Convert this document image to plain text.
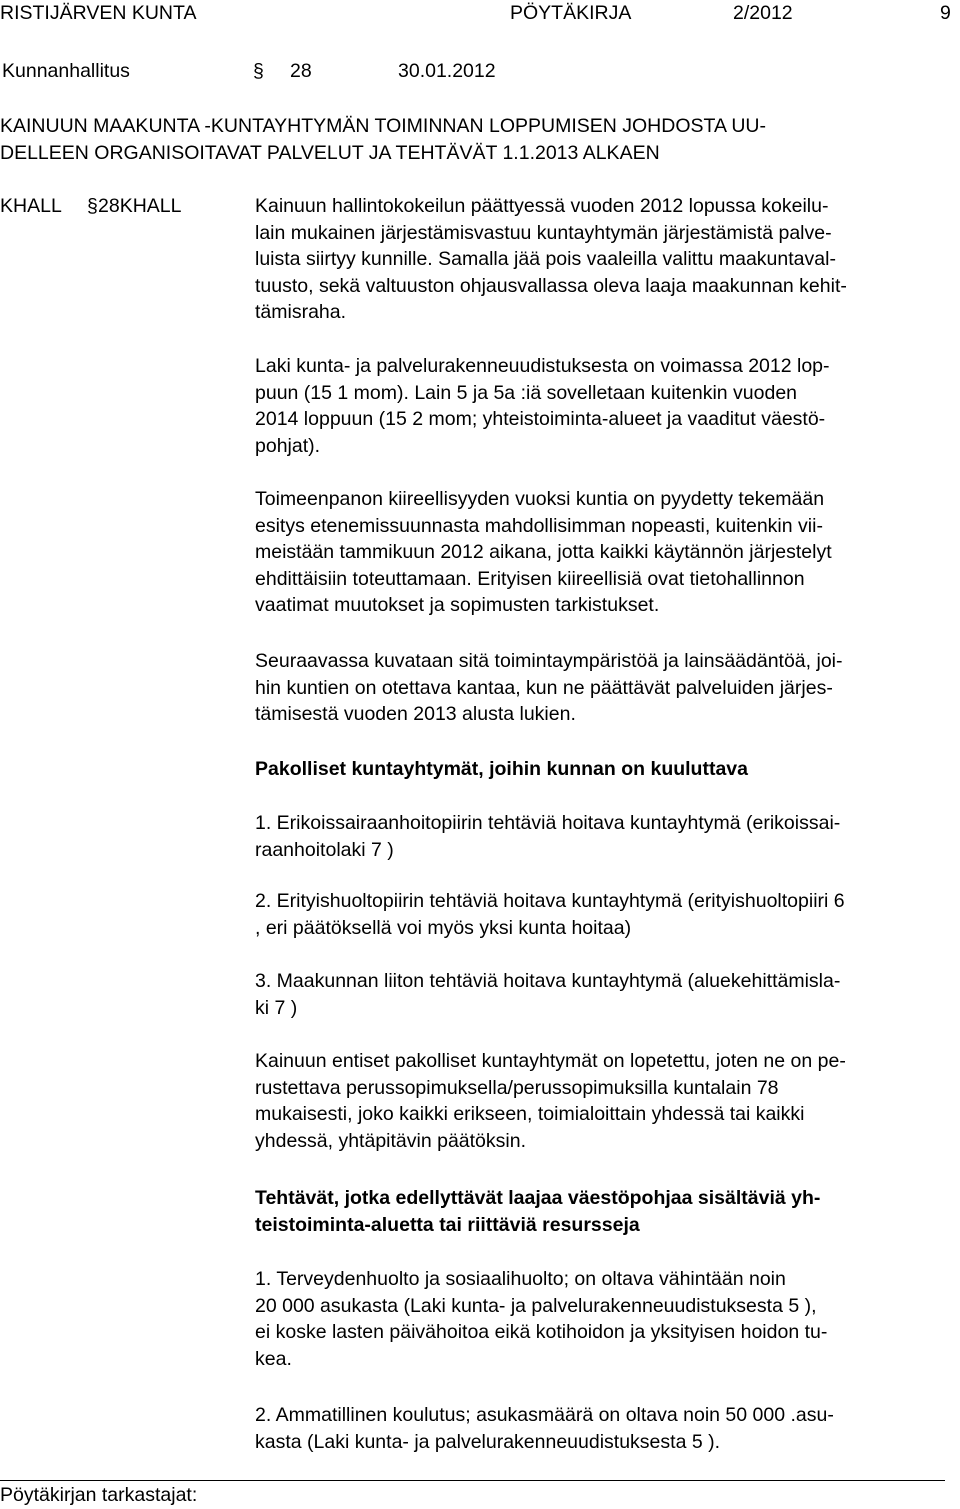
RISTIJÄRVEN KUNTA	PÖYTÄKIRJA	2/2012	9
Kunnanhallitus	§ 28	30.01.2012
KAINUUN MAAKUNTA -KUNTAYHTYMÄN TOIMINNAN LOPPUMISEN JOHDOSTA UU-
DELLEEN ORGANISOITAVAT PALVELUT JA TEHTÄVÄT 1.1.2013 ALKAEN
KHALL § 28KHALL	Kainuun hallintokokeilun päättyessä vuoden 2012 lopussa kokeilu-
lain mukainen järjestämisvastuu kuntayhtymän järjestämistä palve-
luista siirtyy kunnille. Samalla jää pois vaaleilla valittu maakuntaval-
tuusto, sekä valtuuston ohjausvallassa oleva laaja maakunnan kehit-
tämisraha.
Laki kunta- ja palvelurakenneuudistuksesta on voimassa 2012 lop-
puun (15 1 mom). Lain 5 ja 5a :iä sovelletaan kuitenkin vuoden
2014 loppuun (15 2 mom; yhteistoiminta-alueet ja vaaditut väestö-
pohjat).
Toimeenpanon kiireellisyyden vuoksi kuntia on pyydetty tekemään
esitys etenemissuunnasta mahdollisimman nopeasti, kuitenkin vii-
meistään tammikuun 2012 aikana, jotta kaikki käytännön järjestelyt
ehdittäisiin toteuttamaan. Erityisen kiireellisiä ovat tietohallinnon
vaatimat muutokset ja sopimusten tarkistukset.
Seuraavassa kuvataan sitä toimintaympäristöä ja lainsäädäntöä, joi-
hin kuntien on otettava kantaa, kun ne päättävät palveluiden järjes-
tämisestä vuoden 2013 alusta lukien.
Pakolliset kuntayhtymät, joihin kunnan on kuuluttava
1. Erikoissairaanhoitopiirin tehtäviä hoitava kuntayhtymä (erikoissai-
raanhoitolaki 7 )
2. Erityishuoltopiirin tehtäviä hoitava kuntayhtymä (erityishuoltopiiri 6
, eri päätöksellä voi myös yksi kunta hoitaa)
3. Maakunnan liiton tehtäviä hoitava kuntayhtymä (aluekehittämisla-
ki 7 )
Kainuun entiset pakolliset kuntayhtymät on lopetettu, joten ne on pe-
rustettava perussopimuksella/perussopimuksilla kuntalain 78
mukaisesti, joko kaikki erikseen, toimialoittain yhdessä tai kaikki
yhdessä, yhtäpitävin päätöksin.
Tehtävät, jotka edellyttävät laajaa väestöpohjaa sisältäviä yh-
teistoiminta-aluetta tai riittäviä resursseja
1. Terveydenhuolto ja sosiaalihuolto; on oltava vähintään noin
20 000 asukasta (Laki kunta- ja palvelurakenneuudistuksesta 5 ),
ei koske lasten päivähoitoa eikä kotihoidon ja yksityisen hoidon tu-
kea.
2. Ammatillinen koulutus; asukasmäärä on oltava noin 50 000 .asu-
kasta (Laki kunta- ja palvelurakenneuudistuksesta 5 ).
Pöytäkirjan tarkastajat:
